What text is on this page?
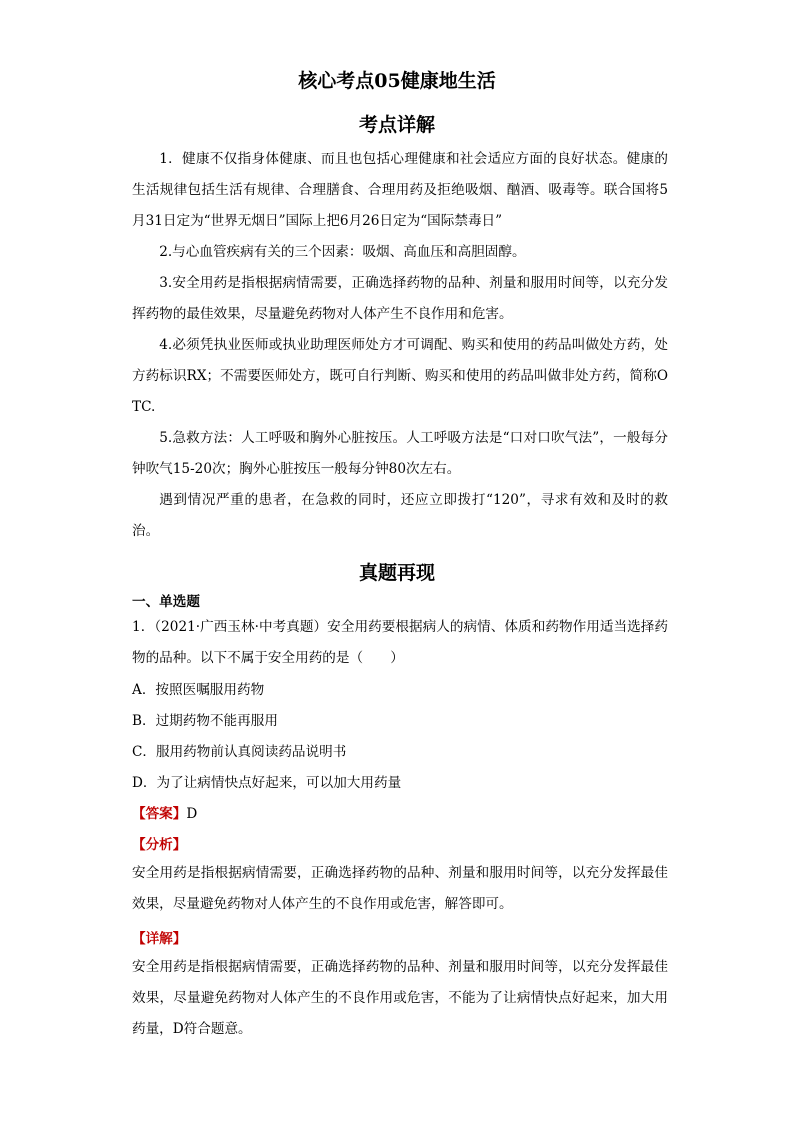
核心考点05健康地生活
考点详解

1．健康不仅指身体健康、而且也包括心理健康和社会适应方面的良好状态。健康的生活规律包括生活有规律、合理膳食、合理用药及拒绝吸烟、酗酒、吸毒等。联合国将5月31日定为“世界无烟日”国际上把6月26日定为“国际禁毒日”

2.与心血管疾病有关的三个因素：吸烟、高血压和高胆固醇。

3.安全用药是指根据病情需要，正确选择药物的品种、剂量和服用时间等，以充分发挥药物的最佳效果，尽量避免药物对人体产生不良作用和危害。

4.必须凭执业医师或执业助理医师处方才可调配、购买和使用的药品叫做处方药，处方药标识RX；不需要医师处方，既可自行判断、购买和使用的药品叫做非处方药，简称OTC.

5.急救方法：人工呼吸和胸外心脏按压。人工呼吸方法是“口对口吹气法”，一般每分钟吹气15-20次；胸外心脏按压一般每分钟80次左右。

遇到情况严重的患者，在急救的同时，还应立即拨打“120”，寻求有效和及时的救治。

真题再现
一、单选题

1．（2021·广西玉林·中考真题）安全用药要根据病人的病情、体质和药物作用适当选择药物的品种。以下不属于安全用药的是（　　）

A．按照医嘱服用药物
B．过期药物不能再服用
C．服用药物前认真阅读药品说明书
D．为了让病情快点好起来，可以加大用药量
【答案】D
【分析】

安全用药是指根据病情需要，正确选择药物的品种、剂量和服用时间等，以充分发挥最佳效果，尽量避免药物对人体产生的不良作用或危害，解答即可。

【详解】

安全用药是指根据病情需要，正确选择药物的品种、剂量和服用时间等，以充分发挥最佳效果，尽量避免药物对人体产生的不良作用或危害，不能为了让病情快点好起来，加大用药量，D符合题意。
